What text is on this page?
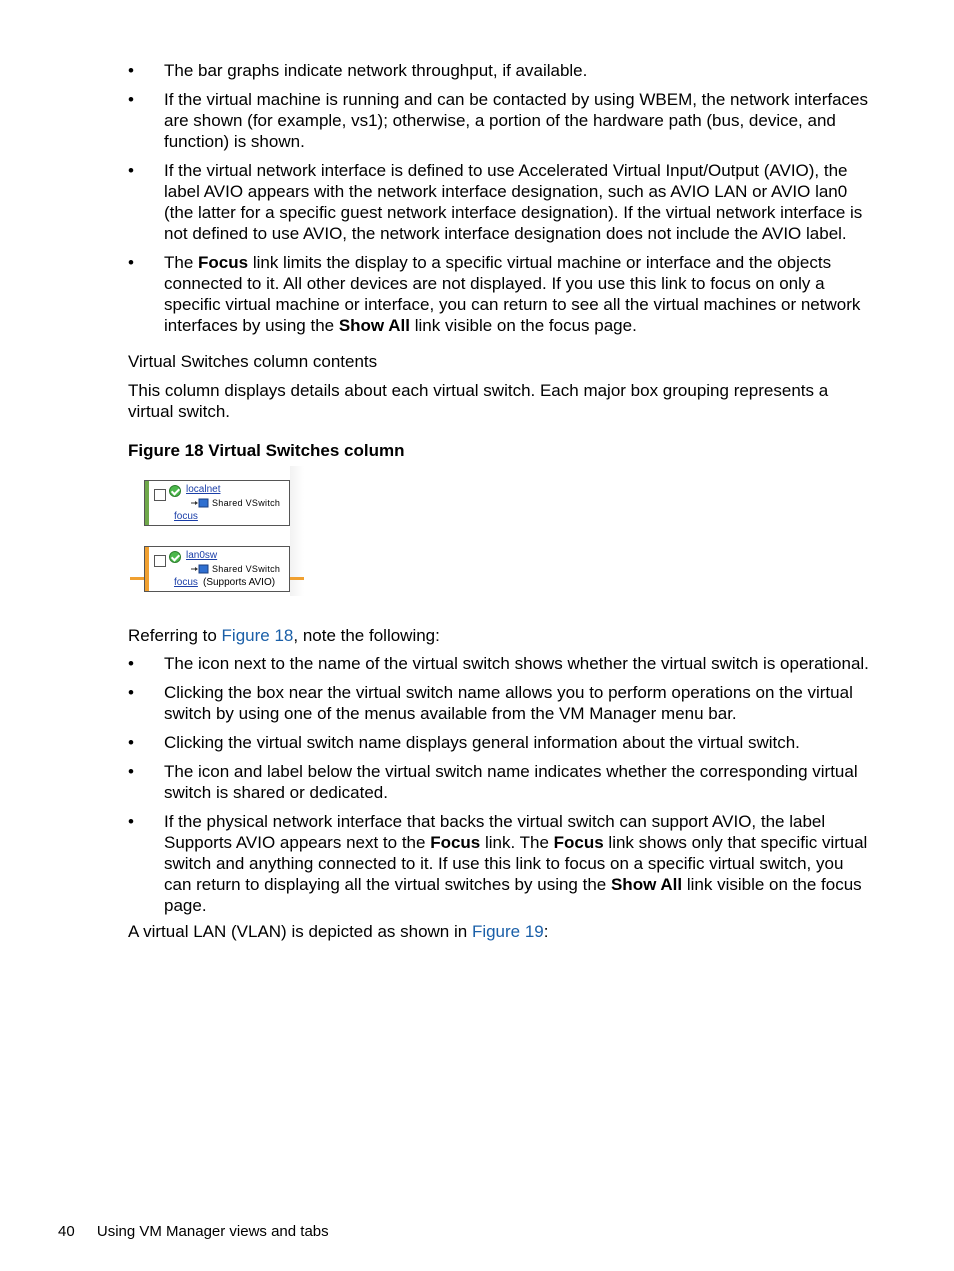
• The bar graphs indicate network throughput, if available.
• If the virtual machine is running and can be contacted by using WBEM, the network interfaces are shown (for example, vs1); otherwise, a portion of the hardware path (bus, device, and function) is shown.
• If the virtual network interface is defined to use Accelerated Virtual Input/Output (AVIO), the label AVIO appears with the network interface designation, such as AVIO LAN or AVIO lan0 (the latter for a specific guest network interface designation). If the virtual network interface is not defined to use AVIO, the network interface designation does not include the AVIO label.
• The Focus link limits the display to a specific virtual machine or interface and the objects connected to it. All other devices are not displayed. If you use this link to focus on only a specific virtual machine or interface, you can return to see all the virtual machines or network interfaces by using the Show All link visible on the focus page.

Virtual Switches column contents

This column displays details about each virtual switch. Each major box grouping represents a virtual switch.

Figure 18 Virtual Switches column

localnet
Shared VSwitch
focus
lan0sw
Shared VSwitch
focus (Supports AVIO)

Referring to Figure 18, note the following:

• The icon next to the name of the virtual switch shows whether the virtual switch is operational.
• Clicking the box near the virtual switch name allows you to perform operations on the virtual switch by using one of the menus available from the VM Manager menu bar.
• Clicking the virtual switch name displays general information about the virtual switch.
• The icon and label below the virtual switch name indicates whether the corresponding virtual switch is shared or dedicated.
• If the physical network interface that backs the virtual switch can support AVIO, the label Supports AVIO appears next to the Focus link. The Focus link shows only that specific virtual switch and anything connected to it. If use this link to focus on a specific virtual switch, you can return to displaying all the virtual switches by using the Show All link visible on the focus page.

A virtual LAN (VLAN) is depicted as shown in Figure 19:

40 Using VM Manager views and tabs
